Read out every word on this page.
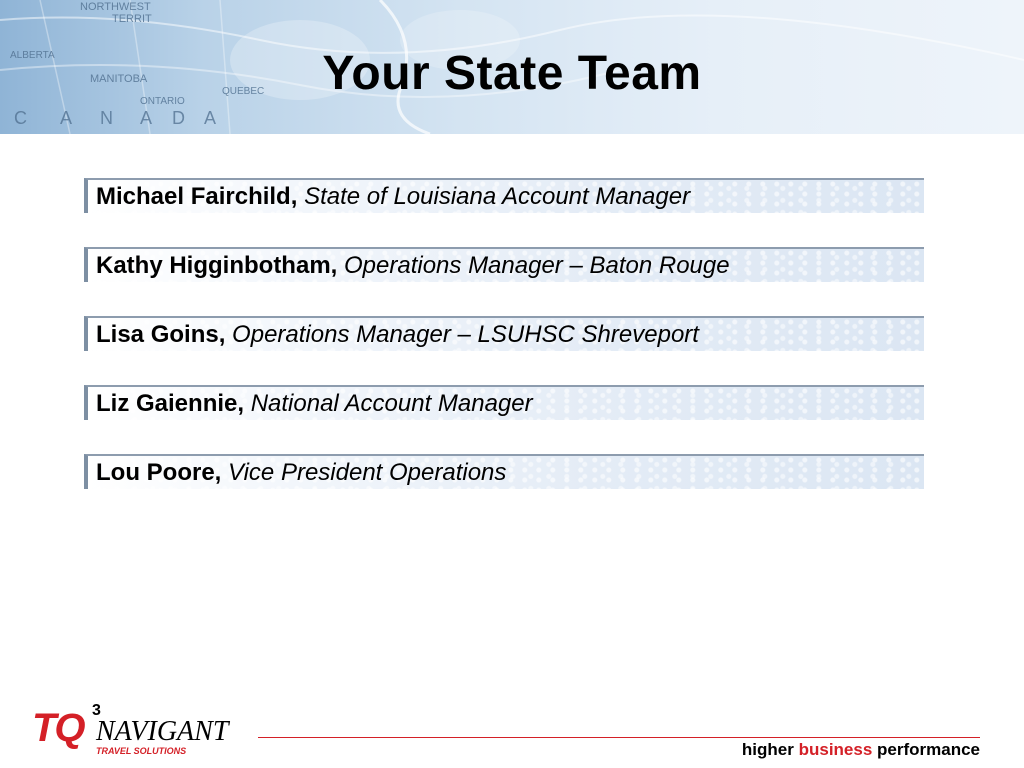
NORTHWEST
TERRIT
ALBERTA
MANITOBA
ONTARIO
QUEBEC
C A N A D A
Your State Team
Michael Fairchild, State of Louisiana Account Manager
Kathy Higginbotham, Operations Manager – Baton Rouge
Lisa Goins, Operations Manager – LSUHSC Shreveport
Liz Gaiennie, National Account Manager
Lou Poore, Vice President Operations
TQ 3
NAVIGANT
TRAVEL SOLUTIONS	higher business performance
